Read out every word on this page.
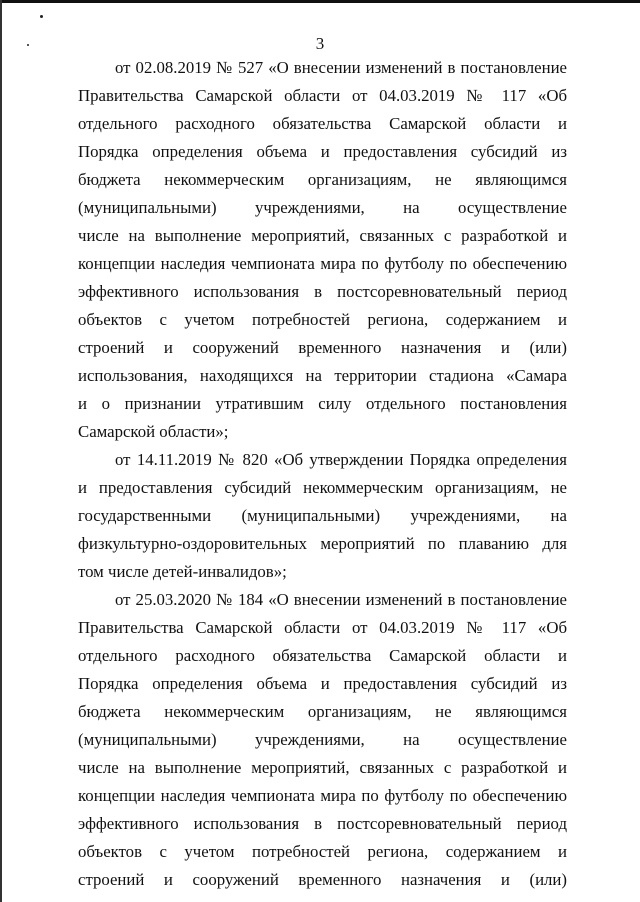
3
от 02.08.2019 № 527 «О внесении изменений в постановление
Правительства Самарской области от 04.03.2019 № 117 «Об
отдельного расходного обязательства Самарской области и
Порядка определения объема и предоставления субсидий из
бюджета некоммерческим организациям, не являющимся
(муниципальными) учреждениями, на осуществление
числе на выполнение мероприятий, связанных с разработкой и
концепции наследия чемпионата мира по футболу по обеспечению
эффективного использования в постсоревновательный период
объектов с учетом потребностей региона, содержанием и
строений и сооружений временного назначения и (или)
использования, находящихся на территории стадиона «Самара
и о признании утратившим силу отдельного постановления
Самарской области»;
от 14.11.2019 № 820 «Об утверждении Порядка определения
и предоставления субсидий некоммерческим организациям, не
государственными (муниципальными) учреждениями, на
физкультурно-оздоровительных мероприятий по плаванию для
том числе детей-инвалидов»;
от 25.03.2020 № 184 «О внесении изменений в постановление
Правительства Самарской области от 04.03.2019 № 117 «Об
отдельного расходного обязательства Самарской области и
Порядка определения объема и предоставления субсидий из
бюджета некоммерческим организациям, не являющимся
(муниципальными) учреждениями, на осуществление
числе на выполнение мероприятий, связанных с разработкой и
концепции наследия чемпионата мира по футболу по обеспечению
эффективного использования в постсоревновательный период
объектов с учетом потребностей региона, содержанием и
строений и сооружений временного назначения и (или)
